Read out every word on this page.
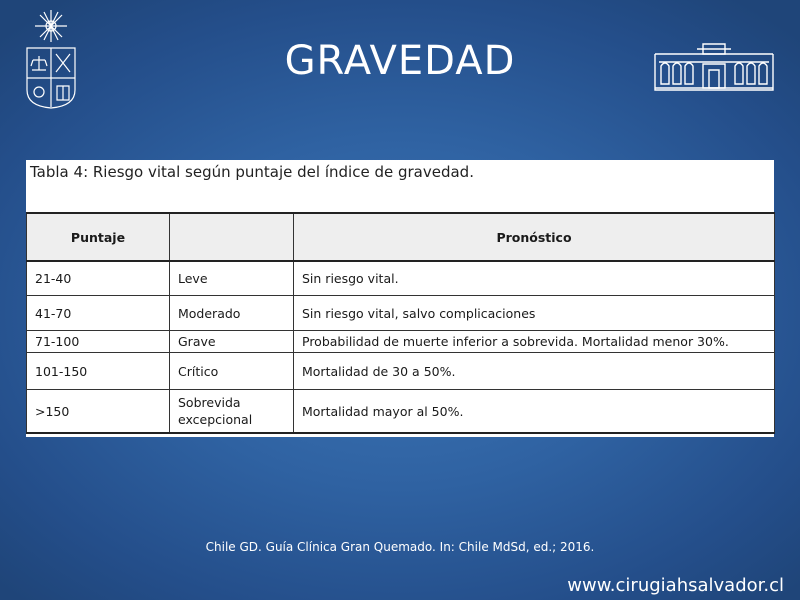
GRAVEDAD
Tabla 4: Riesgo vital según puntaje del índice de gravedad.
Puntaje		Pronóstico
21-40	Leve	Sin riesgo vital.
41-70	Moderado	Sin riesgo vital, salvo complicaciones
71-100	Grave	Probabilidad de muerte inferior a sobrevida. Mortalidad menor 30%.
101-150	Crítico	Mortalidad de 30 a 50%.
>150	Sobrevida excepcional	Mortalidad mayor al 50%.
Chile GD. Guía Clínica Gran Quemado. In: Chile MdSd, ed.; 2016.
www.cirugiahsalvador.cl
